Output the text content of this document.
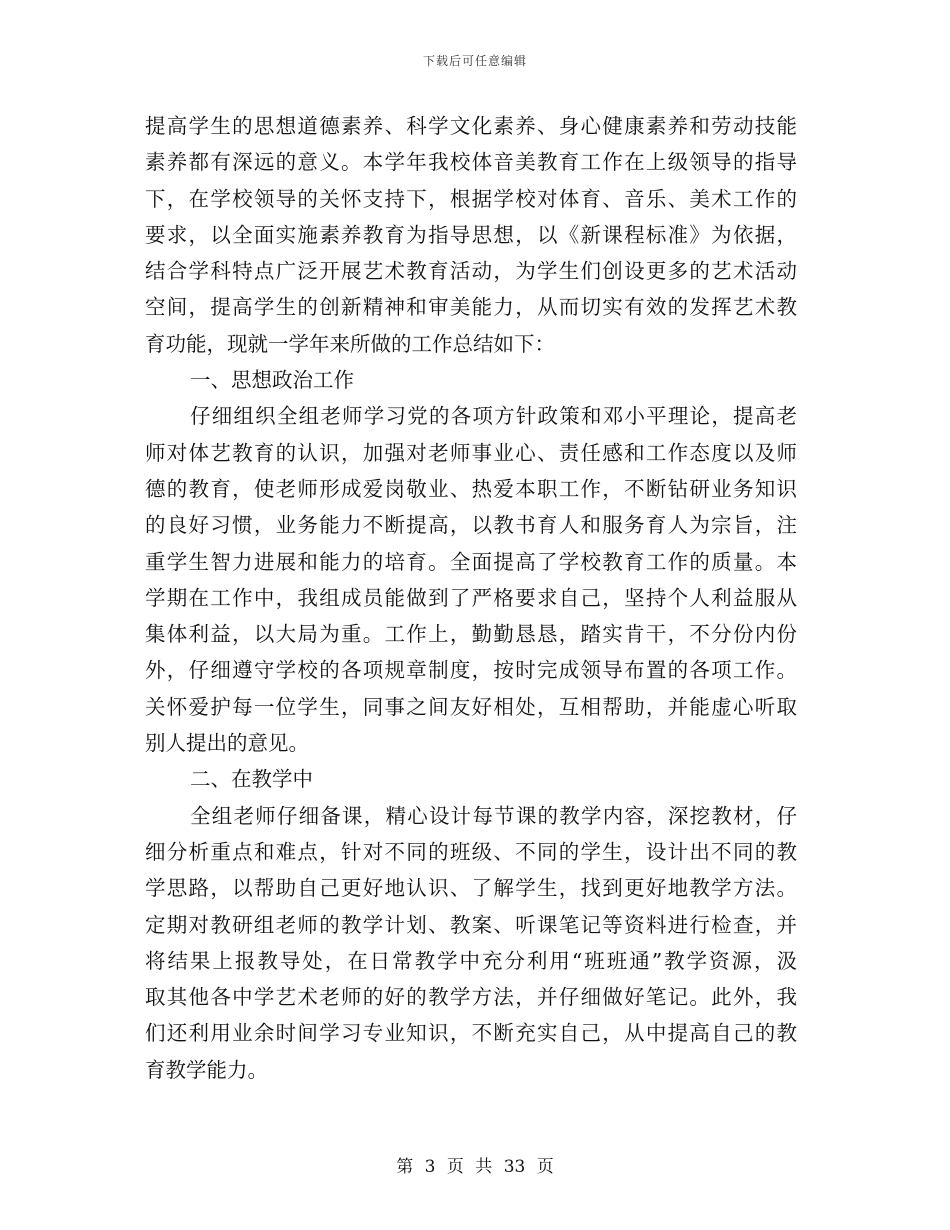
下载后可任意编辑
提高学生的思想道德素养、科学文化素养、身心健康素养和劳动技能
素养都有深远的意义。本学年我校体音美教育工作在上级领导的指导
下，在学校领导的关怀支持下，根据学校对体育、音乐、美术工作的
要求，以全面实施素养教育为指导思想，以《新课程标准》为依据，
结合学科特点广泛开展艺术教育活动，为学生们创设更多的艺术活动
空间，提高学生的创新精神和审美能力，从而切实有效的发挥艺术教
育功能，现就一学年来所做的工作总结如下：
一、思想政治工作
仔细组织全组老师学习党的各项方针政策和邓小平理论，提高老
师对体艺教育的认识，加强对老师事业心、责任感和工作态度以及师
德的教育，使老师形成爱岗敬业、热爱本职工作，不断钻研业务知识
的良好习惯，业务能力不断提高，以教书育人和服务育人为宗旨，注
重学生智力进展和能力的培育。全面提高了学校教育工作的质量。本
学期在工作中，我组成员能做到了严格要求自己，坚持个人利益服从
集体利益，以大局为重。工作上，勤勤恳恳，踏实肯干，不分份内份
外，仔细遵守学校的各项规章制度，按时完成领导布置的各项工作。
关怀爱护每一位学生，同事之间友好相处，互相帮助，并能虚心听取
别人提出的意见。
二、在教学中
全组老师仔细备课，精心设计每节课的教学内容，深挖教材，仔
细分析重点和难点，针对不同的班级、不同的学生，设计出不同的教
学思路，以帮助自己更好地认识、了解学生，找到更好地教学方法。
定期对教研组老师的教学计划、教案、听课笔记等资料进行检查，并
将结果上报教导处，在日常教学中充分利用“班班通”教学资源，汲
取其他各中学艺术老师的好的教学方法，并仔细做好笔记。此外，我
们还利用业余时间学习专业知识，不断充实自己，从中提高自己的教
育教学能力。
第 3 页 共 33 页
